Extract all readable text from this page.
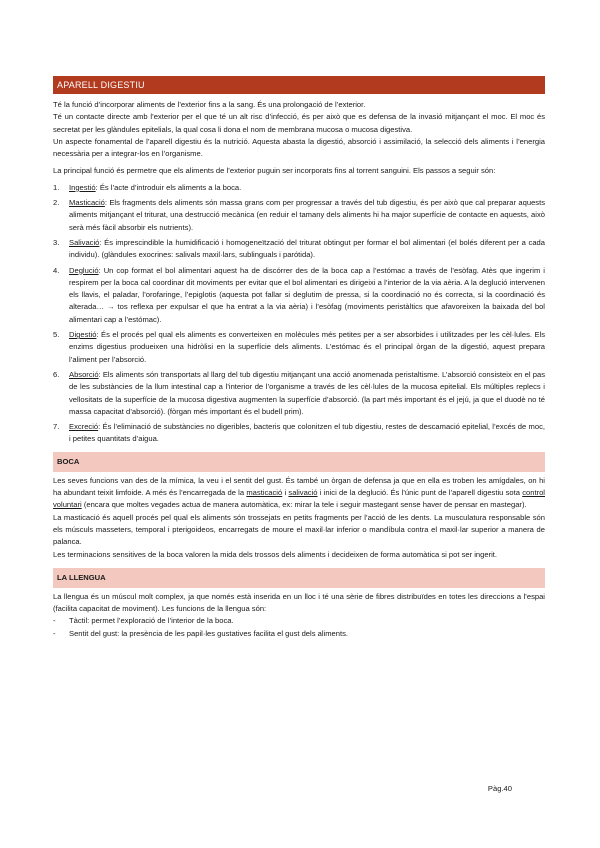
APARELL DIGESTIU

Té la funció d’incorporar aliments de l’exterior fins a la sang. És una prolongació de l’exterior.

Té un contacte directe amb l’exterior per el que té un alt risc d’infecció, és per això que es defensa de la invasió mitjançant el moc. El moc és secretat per les glàndules epitelials, la qual cosa li dona el nom de membrana mucosa o mucosa digestiva.

Un aspecte fonamental de l’aparell digestiu és la nutrició. Aquesta abasta la digestió, absorció i assimilació, la selecció dels aliments i l’energia necessària per a integrar-los en l’organisme.

La principal funció és permetre que els aliments de l’exterior puguin ser incorporats fins al torrent sanguini. Els passos a seguir són:

1. Ingestió: És l’acte d’introduir els aliments a la boca.
2. Masticació: Els fragments dels aliments són massa grans com per progressar a través del tub digestiu, és per això que cal preparar aquests aliments mitjançant el triturat, una destrucció mecànica (en reduir el tamany dels aliments hi ha major superfície de contacte en aquests, això serà més fàcil absorbir els nutrients).
3. Salivació: És imprescindible la humidificació i homogeneïtzació del triturat obtingut per formar el bol alimentari (el bolés diferent per a cada individu). (glàndules exocrines: salivals maxil·lars, sublinguals i parótida).
4. Deglució: Un cop format el bol alimentari aquest ha de discórrer des de la boca cap a l’estómac a través de l’esòfag. Atès que ingerim i respirem per la boca cal coordinar dit moviments per evitar que el bol alimentari es dirigeixi a l’interior de la via aèria. A la deglució intervenen els llavis, el paladar, l’orofaringe, l’epiglotis (aquesta pot fallar si deglutim de pressa, si la coordinació no és correcta, si la coordinació és alterada… → tos reflexa per expulsar el que ha entrat a la via aèria) i l’esòfag (moviments peristàltics que afavoreixen la baixada del bol alimentari cap a l’estómac).
5. Digestió: És el procés pel qual els aliments es converteixen en molècules més petites per a ser absorbides i utilitzades per les cèl·lules. Els enzims digestius produeixen una hidròlisi en la superfície dels aliments. L’estómac és el principal òrgan de la digestió, aquest prepara l’aliment per l’absorció.
6. Absorció: Els aliments són transportats al llarg del tub digestiu mitjançant una acció anomenada peristaltisme. L’absorció consisteix en el pas de les substàncies de la llum intestinal cap a l’interior de l’organisme a través de les cèl·lules de la mucosa epitelial. Els múltiples replecs i vellositats de la superfície de la mucosa digestiva augmenten la superfície d’absorció. (la part més important és el jejú, ja que el duodè no té massa capacitat d’absorció). (fòrgan més important és el budell prim).
7. Excreció: És l’eliminació de substàncies no digeribles, bacteris que colonitzen el tub digestiu, restes de descamació epitelial, l’excés de moc, i petites quantitats d’aigua.
BOCA

Les seves funcions van des de la mímica, la veu i el sentit del gust. És també un òrgan de defensa ja que en ella es troben les amígdales, on hi ha abundant teixit limfoide. A més és l’encarregada de la masticació i salivació i inici de la deglució. És l’únic punt de l’aparell digestiu sota control voluntari (encara que moltes vegades actua de manera automàtica, ex: mirar la tele i seguir mastegant sense haver de pensar en mastegar).

La masticació és aquell procés pel qual els aliments són trossejats en petits fragments per l’acció de les dents. La musculatura responsable són els músculs masseters, temporal i pterigoideos, encarregats de moure el maxil·lar inferior o mandíbula contra el maxil·lar superior a manera de palanca.

Les terminacions sensitives de la boca valoren la mida dels trossos dels aliments i decideixen de forma automàtica si pot ser ingerit.

LA LLENGUA

La llengua és un múscul molt complex, ja que només està inserida en un lloc i té una sèrie de fibres distribuïdes en totes les direccions a l’espai (facilita capacitat de moviment). Les funcions de la llengua són:

- Tàctil: permet l’exploració de l’interior de la boca.
- Sentit del gust: la presència de les papil·les gustatives facilita el gust dels aliments.
Pàg.40
